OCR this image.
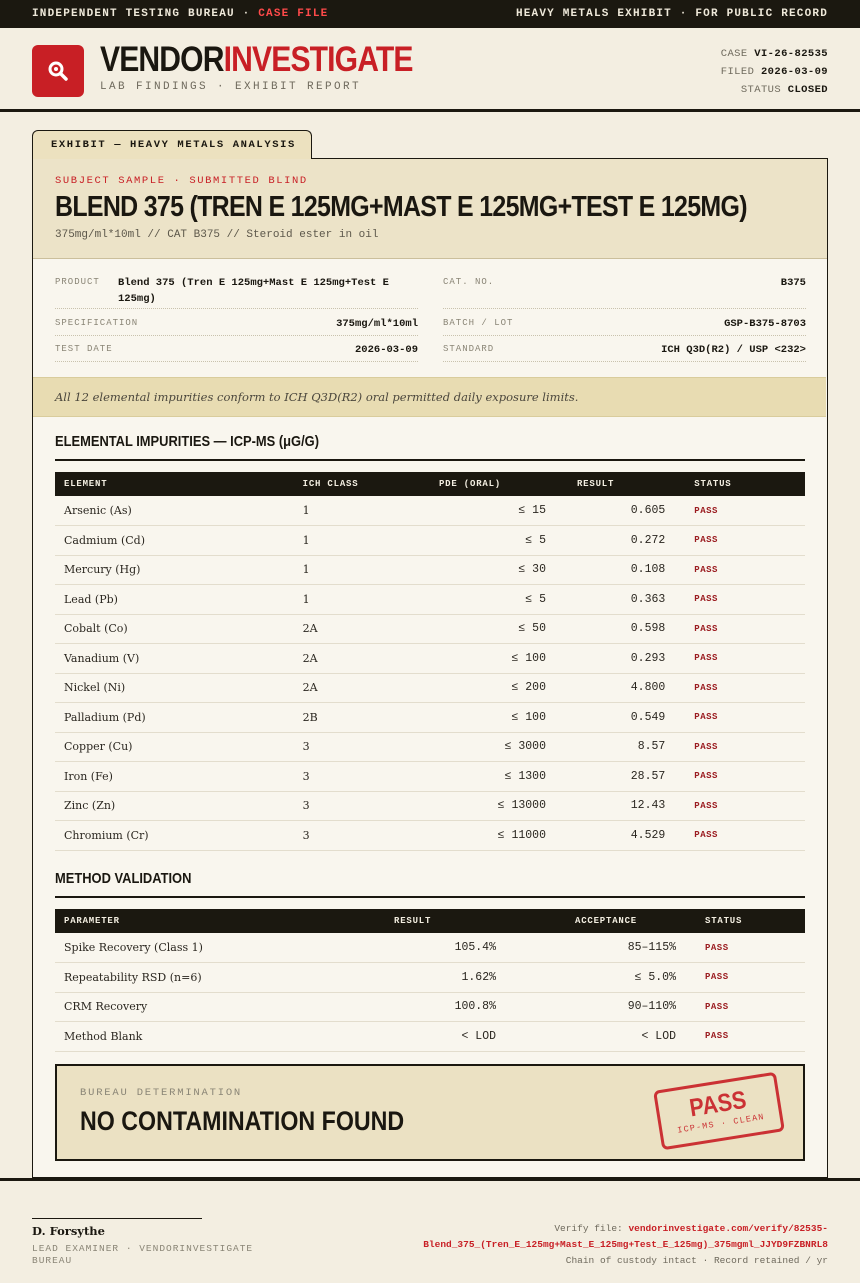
INDEPENDENT TESTING BUREAU · CASE FILE	HEAVY METALS EXHIBIT · FOR PUBLIC RECORD
VENDORINVESTIGATE
LAB FINDINGS · EXHIBIT REPORT
CASE VI-26-82535
FILED 2026-03-09
STATUS CLOSED
EXHIBIT — HEAVY METALS ANALYSIS
SUBJECT SAMPLE · SUBMITTED BLIND
BLEND 375 (TREN E 125MG+MAST E 125MG+TEST E 125MG)
375mg/ml*10ml // CAT B375 // Steroid ester in oil
PRODUCT Blend 375 (Tren E 125mg+Mast E 125mg+Test E 125mg)
CAT. NO.	B375
SPECIFICATION	375mg/ml*10ml	BATCH / LOT	GSP-B375-8703
TEST DATE	2026-03-09	STANDARD	ICH Q3D(R2) / USP <232>
All 12 elemental impurities conform to ICH Q3D(R2) oral permitted daily exposure limits.
ELEMENTAL IMPURITIES — ICP-MS (μG/G)
ELEMENT	ICH CLASS	PDE (ORAL)	RESULT	STATUS
Arsenic (As)	1	≤ 15	0.605	PASS
Cadmium (Cd)	1	≤ 5	0.272	PASS
Mercury (Hg)	1	≤ 30	0.108	PASS
Lead (Pb)	1	≤ 5	0.363	PASS
Cobalt (Co)	2A	≤ 50	0.598	PASS
Vanadium (V)	2A	≤ 100	0.293	PASS
Nickel (Ni)	2A	≤ 200	4.800	PASS
Palladium (Pd)	2B	≤ 100	0.549	PASS
Copper (Cu)	3	≤ 3000	8.57	PASS
Iron (Fe)	3	≤ 1300	28.57	PASS
Zinc (Zn)	3	≤ 13000	12.43	PASS
Chromium (Cr)	3	≤ 11000	4.529	PASS
METHOD VALIDATION
PARAMETER	RESULT	ACCEPTANCE	STATUS
Spike Recovery (Class 1)	105.4%	85–115%	PASS
Repeatability RSD (n=6)	1.62%	≤ 5.0%	PASS
CRM Recovery	100.8%	90–110%	PASS
Method Blank	< LOD	< LOD	PASS
BUREAU DETERMINATION
NO CONTAMINATION FOUND	PASS
ICP-MS · CLEAN
D. Forsythe
LEAD EXAMINER · VENDORINVESTIGATE BUREAU
Verify file: vendorinvestigate.com/verify/82535-
Blend_375_(Tren_E_125mg+Mast_E_125mg+Test_E_125mg)_375mgml_JJYD9FZBNRL8
Chain of custody intact · Record retained / yr
